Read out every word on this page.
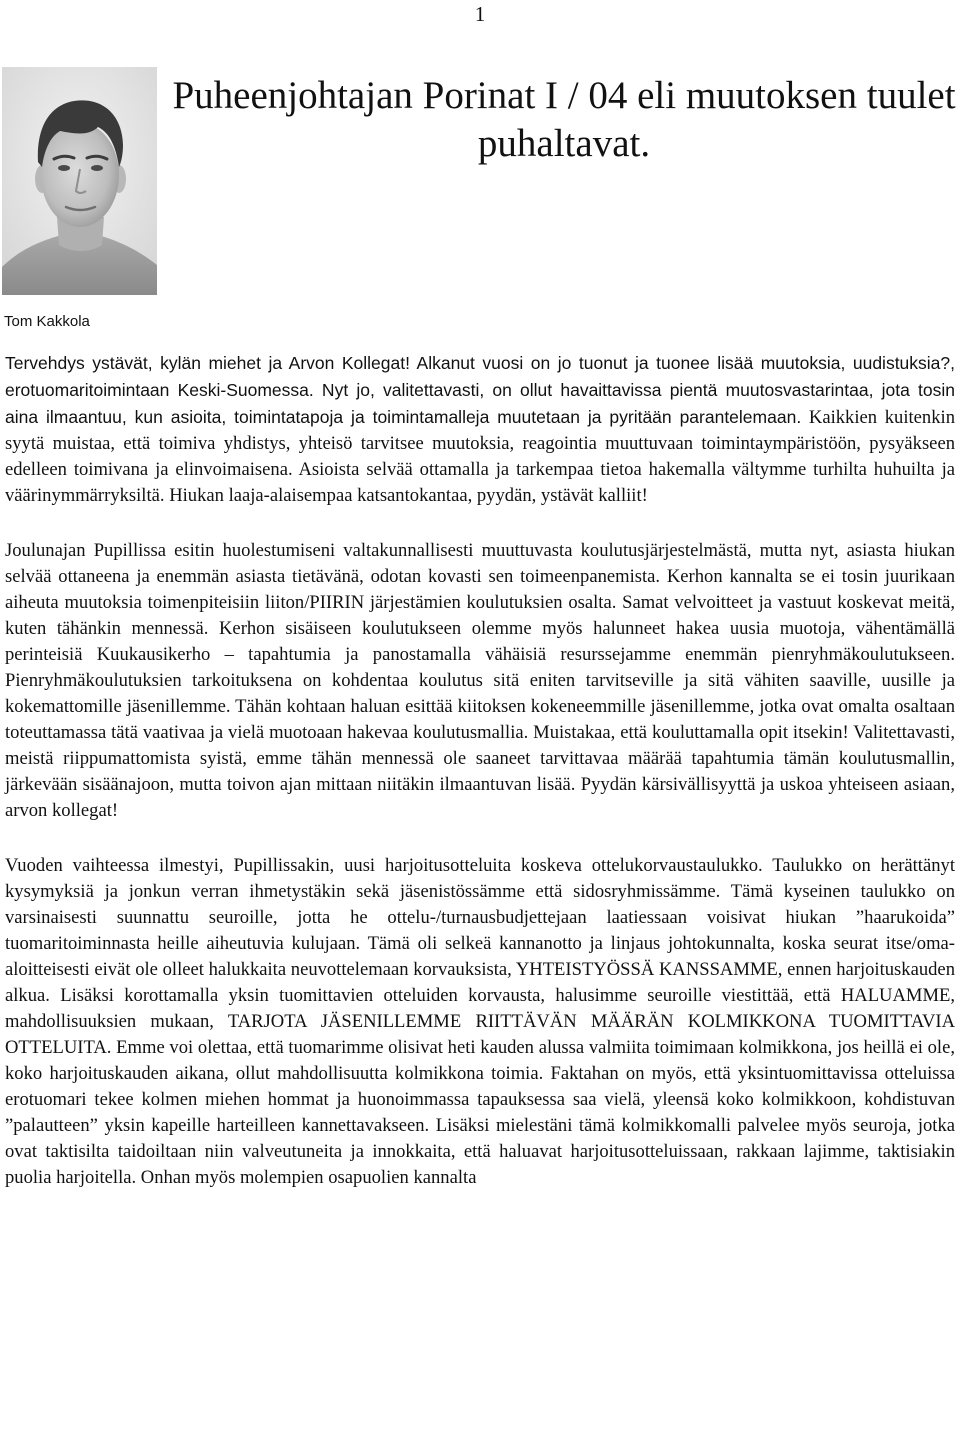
1
Puheenjohtajan Porinat I / 04 eli muutoksen tuulet puhaltavat.
Tom Kakkola

Tervehdys ystävät, kylän miehet ja Arvon Kollegat! Alkanut vuosi on jo tuonut ja tuonee lisää muutoksia, uudistuksia?, erotuomaritoimintaan Keski-Suomessa. Nyt jo, valitettavasti, on ollut havaittavissa pientä muutosvastarintaa, jota tosin aina ilmaantuu, kun asioita, toimintatapoja ja toimintamalleja muutetaan ja pyritään parantelemaan. Kaikkien kuitenkin syytä muistaa, että toimiva yhdistys, yhteisö tarvitsee muutoksia, reagointia muuttuvaan toimintaympäristöön, pysyäkseen edelleen toimivana ja elinvoimaisena. Asioista selvää ottamalla ja tarkempaa tietoa hakemalla vältymme turhilta huhuilta ja väärinymmärryksiltä. Hiukan laaja-alaisempaa katsantokantaa, pyydän, ystävät kalliit!

Joulunajan Pupillissa esitin huolestumiseni valtakunnallisesti muuttuvasta koulutusjärjestelmästä, mutta nyt, asiasta hiukan selvää ottaneena ja enemmän asiasta tietävänä, odotan kovasti sen toimeenpanemista. Kerhon kannalta se ei tosin juurikaan aiheuta muutoksia toimenpiteisiin liiton/PIIRIN järjestämien koulutuksien osalta. Samat velvoitteet ja vastuut koskevat meitä, kuten tähänkin mennessä. Kerhon sisäiseen koulutukseen olemme myös halunneet hakea uusia muotoja, vähentämällä perinteisiä Kuukausikerho – tapahtumia ja panostamalla vähäisiä resurssejamme enemmän pienryhmäkoulutukseen. Pienryhmäkoulutuksien tarkoituksena on kohdentaa koulutus sitä eniten tarvitseville ja sitä vähiten saaville, uusille ja kokemattomille jäsenillemme. Tähän kohtaan haluan esittää kiitoksen kokeneemmille jäsenillemme, jotka ovat omalta osaltaan toteuttamassa tätä vaativaa ja vielä muotoaan hakevaa koulutusmallia. Muistakaa, että kouluttamalla opit itsekin! Valitettavasti, meistä riippumattomista syistä, emme tähän mennessä ole saaneet tarvittavaa määrää tapahtumia tämän koulutusmallin, järkevään sisäänajoon, mutta toivon ajan mittaan niitäkin ilmaantuvan lisää. Pyydän kärsivällisyyttä ja uskoa yhteiseen asiaan, arvon kollegat!

Vuoden vaihteessa ilmestyi, Pupillissakin, uusi harjoitusotteluita koskeva ottelukorvaustaulukko. Taulukko on herättänyt kysymyksiä ja jonkun verran ihmetystäkin sekä jäsenistössämme että sidosryhmissämme. Tämä kyseinen taulukko on varsinaisesti suunnattu seuroille, jotta he ottelu-/turnausbudjettejaan laatiessaan voisivat hiukan ”haarukoida” tuomaritoiminnasta heille aiheutuvia kulujaan. Tämä oli selkeä kannanotto ja linjaus johtokunnalta, koska seurat itse/oma-aloitteisesti eivät ole olleet halukkaita neuvottelemaan korvauksista, YHTEISTYÖSSÄ KANSSAMME, ennen harjoituskauden alkua. Lisäksi korottamalla yksin tuomittavien otteluiden korvausta, halusimme seuroille viestittää, että HALUAMME, mahdollisuuksien mukaan, TARJOTA JÄSENILLEMME RIITTÄVÄN MÄÄRÄN KOLMIKKONA TUOMITTAVIA OTTELUITA. Emme voi olettaa, että tuomarimme olisivat heti kauden alussa valmiita toimimaan kolmikkona, jos heillä ei ole, koko harjoituskauden aikana, ollut mahdollisuutta kolmikkona toimia. Faktahan on myös, että yksintuomittavissa otteluissa erotuomari tekee kolmen miehen hommat ja huonoimmassa tapauksessa saa vielä, yleensä koko kolmikkoon, kohdistuvan ”palautteen” yksin kapeille harteilleen kannettavakseen. Lisäksi mielestäni tämä kolmikkomalli palvelee myös seuroja, jotka ovat taktisilta taidoiltaan niin valveutuneita ja innokkaita, että haluavat harjoitusotteluissaan, rakkaan lajimme, taktisiakin puolia harjoitella. Onhan myös molempien osapuolien kannalta
